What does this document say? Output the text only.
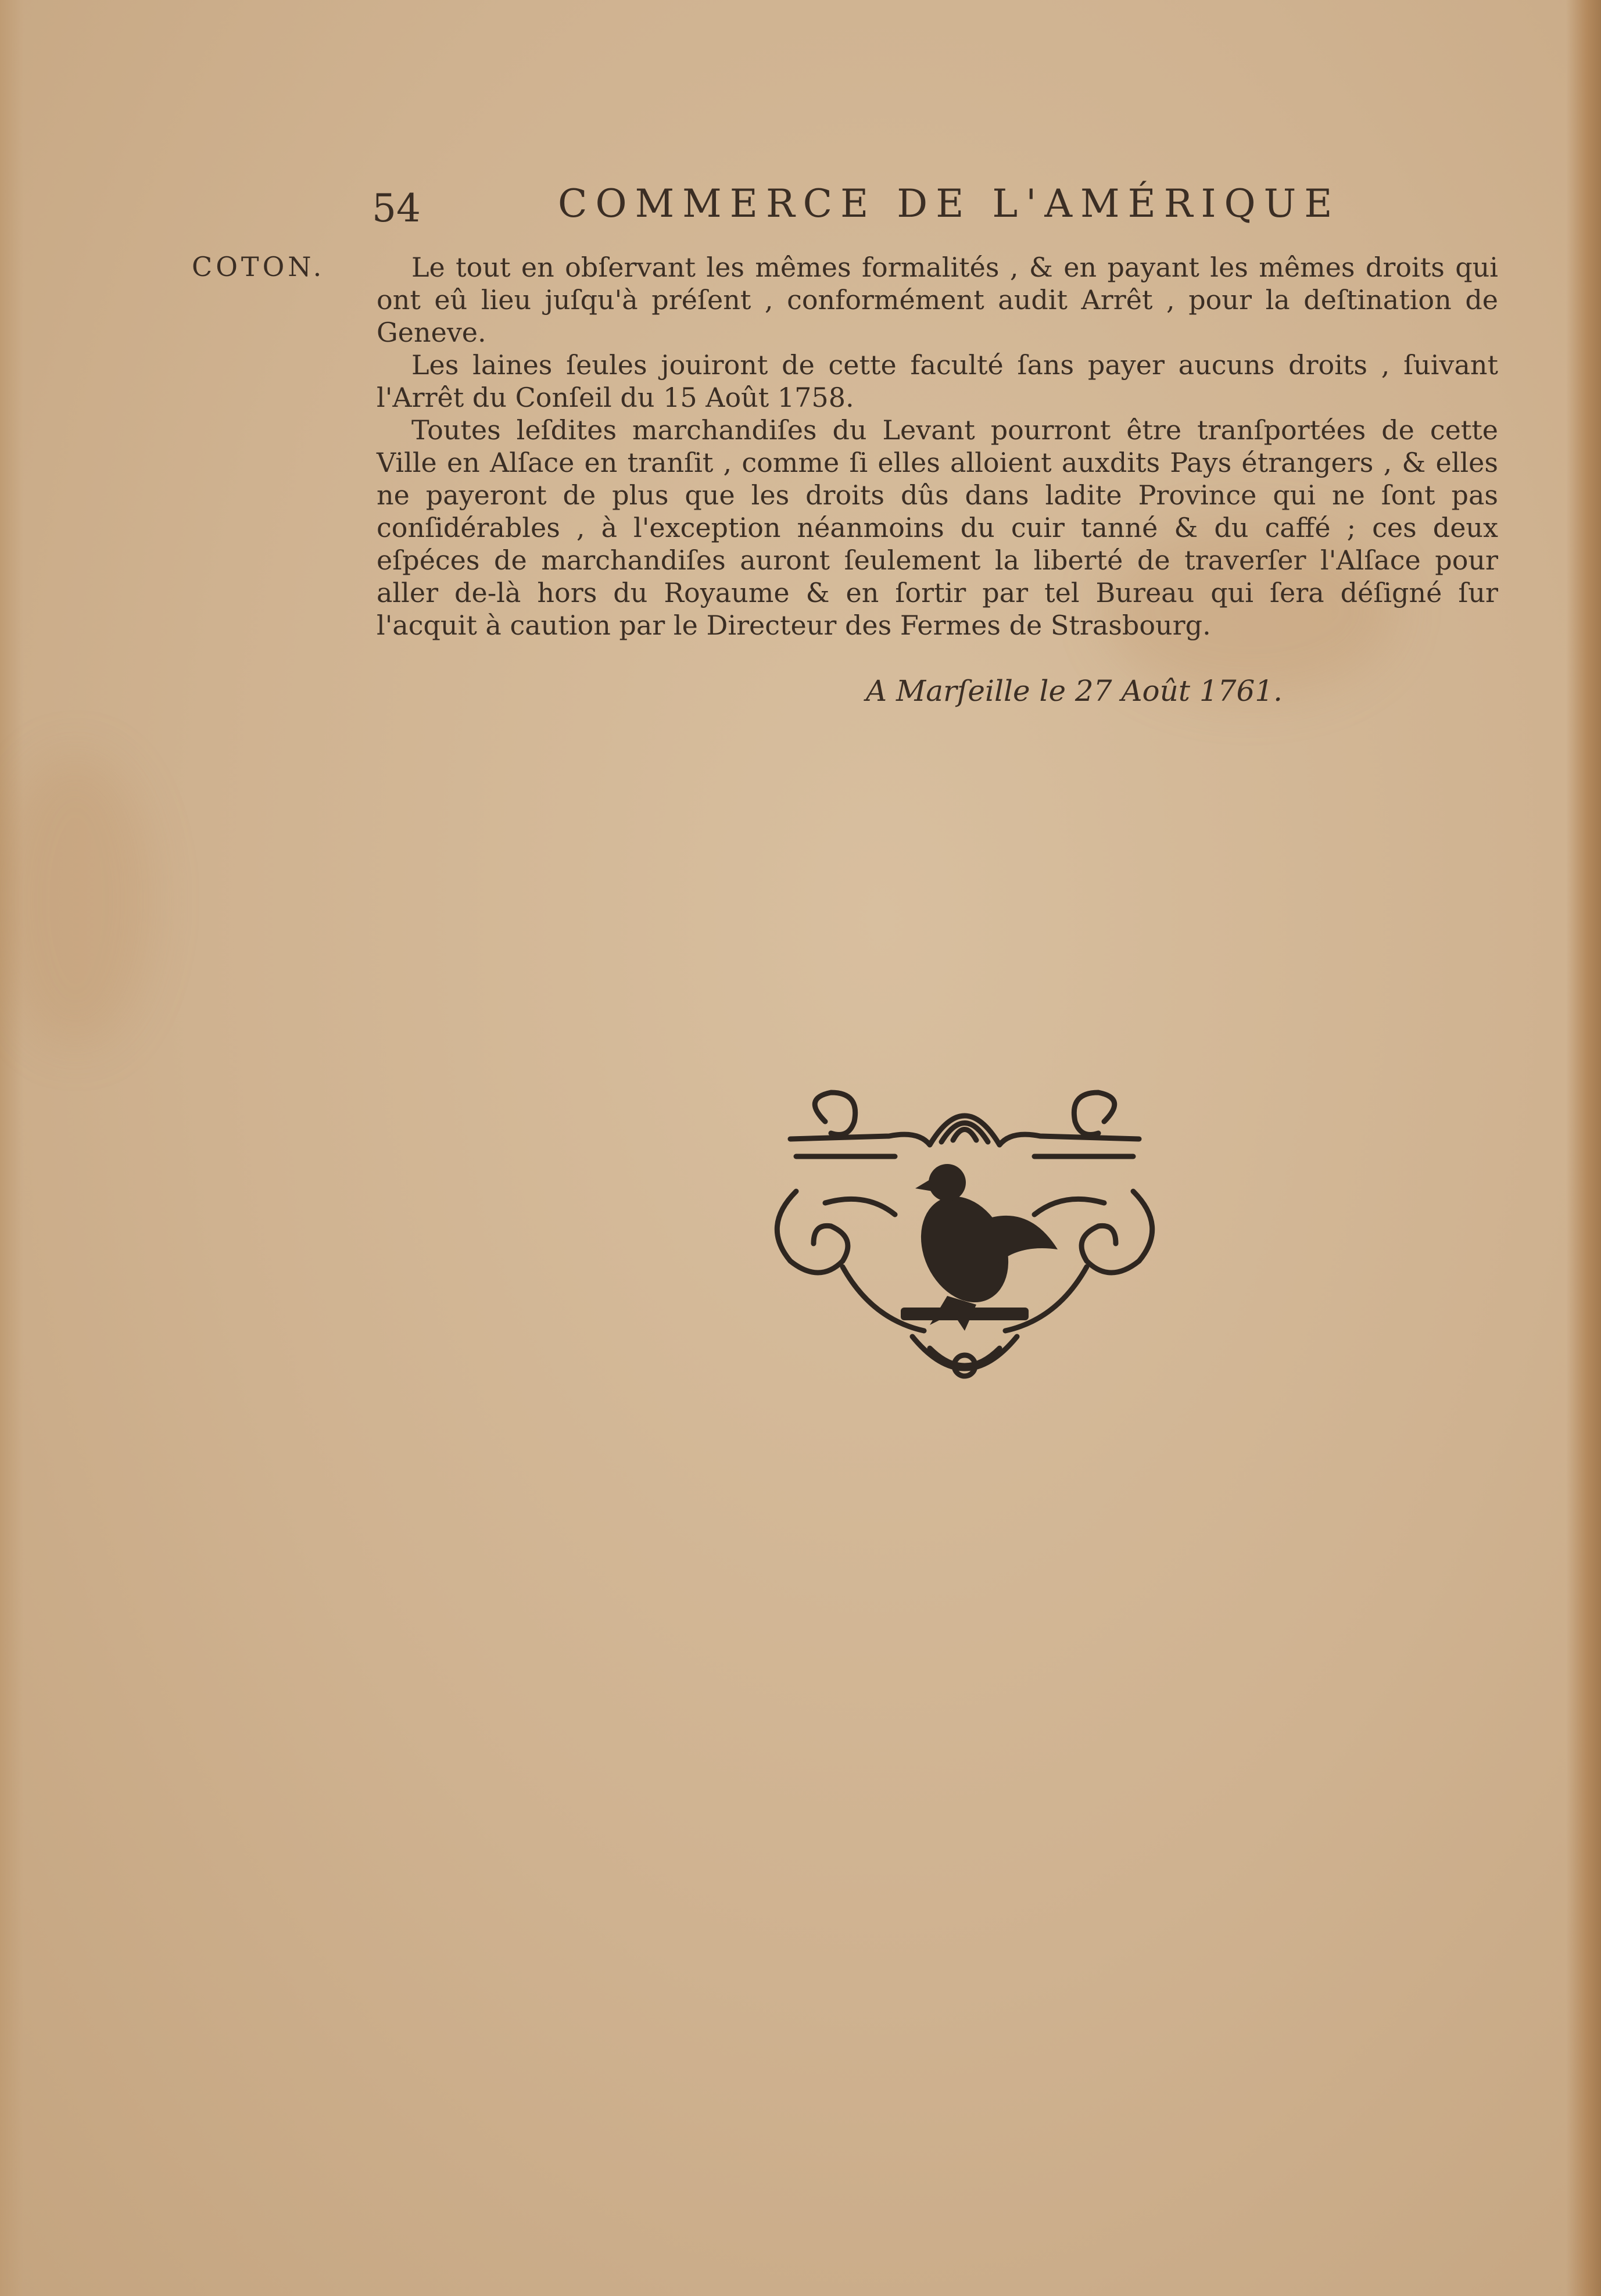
54	COMMERCE DE L'AMÉRIQUE
COTON.	Le tout en obſervant les mêmes formalités , & en payant les mêmes droits qui ont eû lieu juſqu'à préſent , conformément audit Arrêt , pour la deſtination de Geneve.

Les laines ſeules jouiront de cette faculté ſans payer aucuns droits , ſuivant l'Arrêt du Conſeil du 15 Août 1758.

Toutes leſdites marchandiſes du Levant pourront être tranſportées de cette Ville en Alſace en tranſit , comme ſi elles alloient auxdits Pays étrangers , & elles ne payeront de plus que les droits dûs dans ladite Province qui ne ſont pas conſidérables , à l'exception néanmoins du cuir tanné & du caffé ; ces deux eſpéces de marchandiſes auront ſeulement la liberté de traverſer l'Alſace pour aller de-là hors du Royaume & en ſortir par tel Bureau qui ſera déſigné ſur l'acquit à caution par le Directeur des Fermes de Strasbourg.

A Marſeille le 27 Août 1761.
